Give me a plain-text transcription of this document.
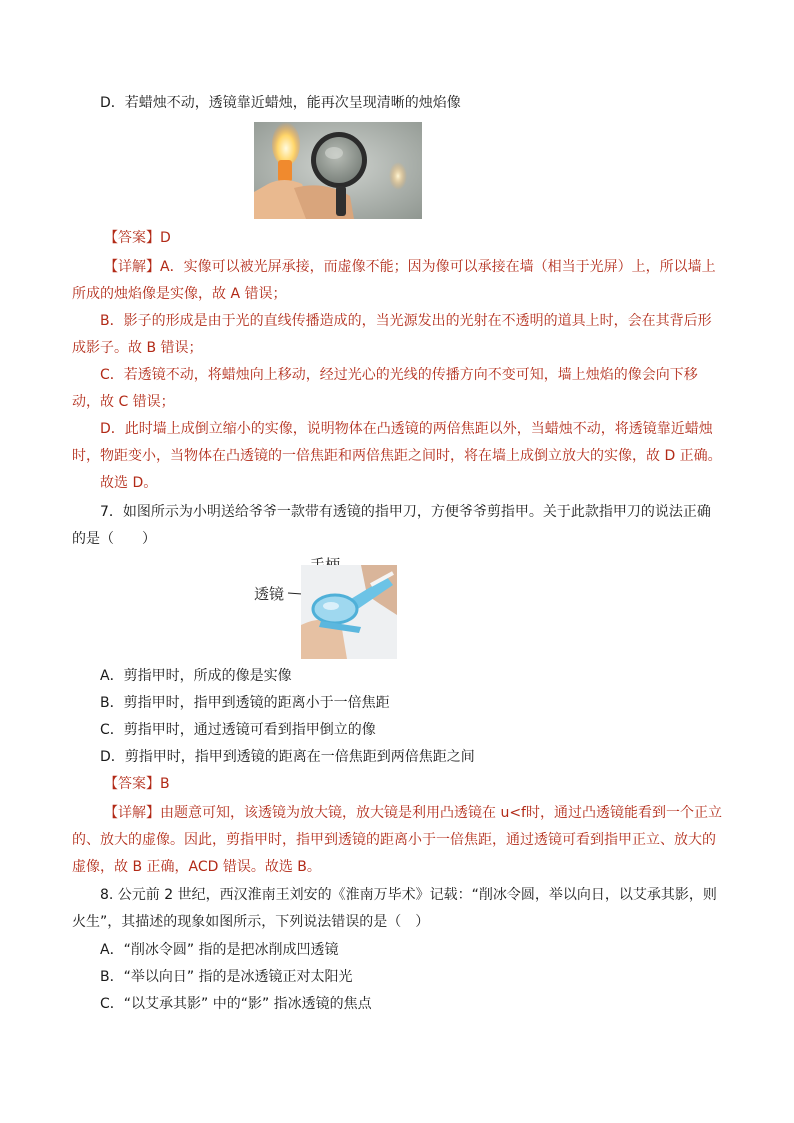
D．若蜡烛不动，透镜靠近蜡烛，能再次呈现清晰的烛焰像
【答案】D
【详解】A．实像可以被光屏承接，而虚像不能；因为像可以承接在墙（相当于光屏）上，所以墙上
所成的烛焰像是实像，故 A 错误；
B．影子的形成是由于光的直线传播造成的，当光源发出的光射在不透明的道具上时，会在其背后形
成影子。故 B 错误；
C．若透镜不动，将蜡烛向上移动，经过光心的光线的传播方向不变可知，墙上烛焰的像会向下移
动，故 C 错误；
D．此时墙上成倒立缩小的实像，说明物体在凸透镜的两倍焦距以外，当蜡烛不动，将透镜靠近蜡烛
时，物距变小，当物体在凸透镜的一倍焦距和两倍焦距之间时，将在墙上成倒立放大的实像，故 D 正确。
故选 D。
7．如图所示为小明送给爷爷一款带有透镜的指甲刀，方便爷爷剪指甲。关于此款指甲刀的说法正确
的是（　　）
透镜
A．剪指甲时，所成的像是实像
B．剪指甲时，指甲到透镜的距离小于一倍焦距
C．剪指甲时，通过透镜可看到指甲倒立的像
D．剪指甲时，指甲到透镜的距离在一倍焦距到两倍焦距之间
【答案】B
【详解】由题意可知，该透镜为放大镜，放大镜是利用凸透镜在 u<f时，通过凸透镜能看到一个正立
的、放大的虚像。因此，剪指甲时，指甲到透镜的距离小于一倍焦距，通过透镜可看到指甲正立、放大的
虚像，故 B 正确，ACD 错误。故选 B。
8. 公元前 2 世纪，西汉淮南王刘安的《淮南万毕术》记载：“削冰令圆，举以向日，以艾承其影，则
火生”，其描述的现象如图所示，下列说法错误的是（　）
A．“削冰令圆” 指的是把冰削成凹透镜
B．“举以向日” 指的是冰透镜正对太阳光
C．“以艾承其影” 中的“影” 指冰透镜的焦点
